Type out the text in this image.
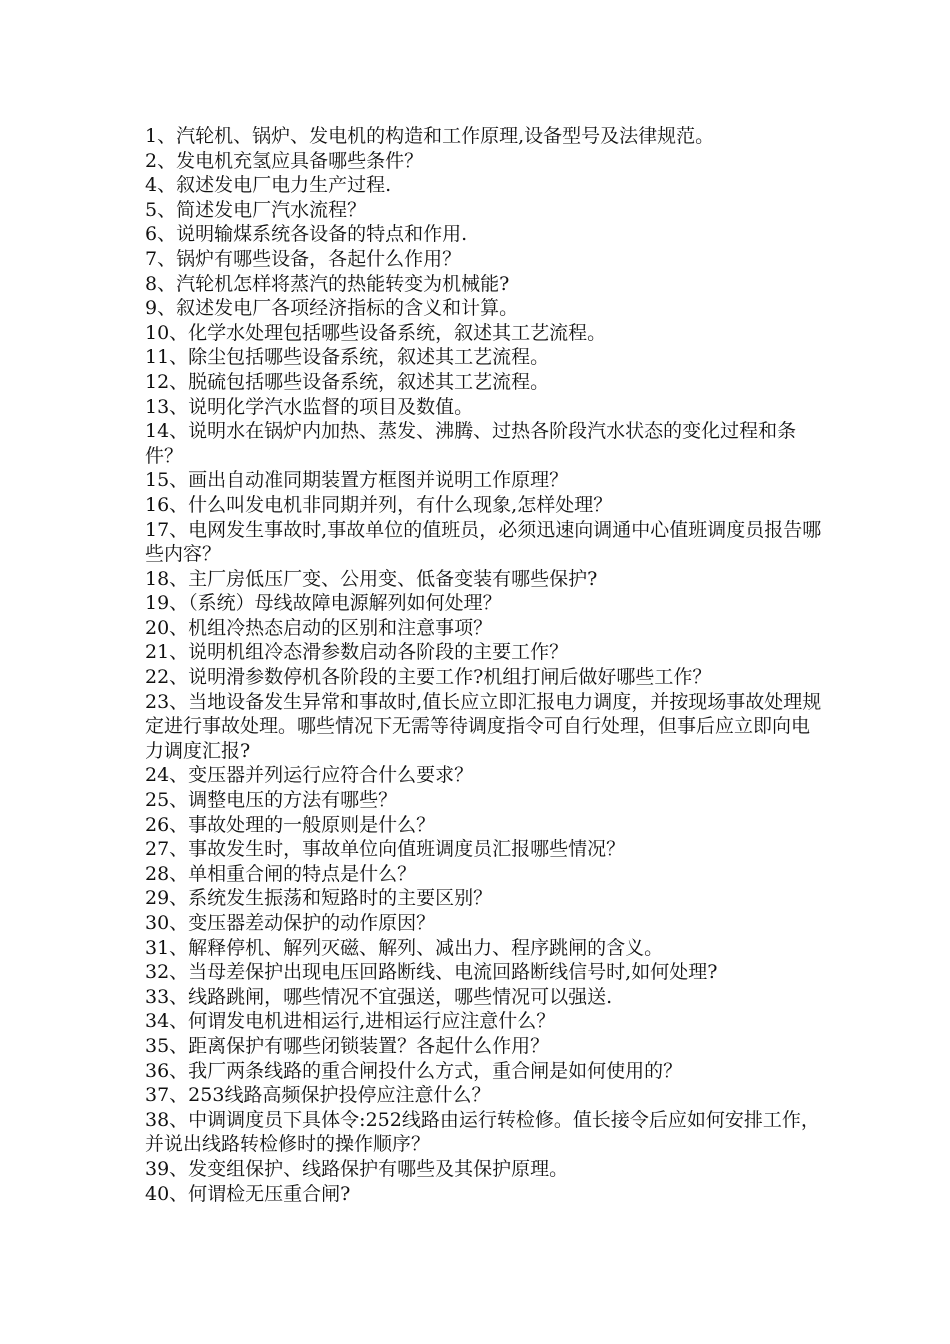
1、汽轮机、锅炉、发电机的构造和工作原理,设备型号及法律规范。

2、发电机充氢应具备哪些条件？

4、叙述发电厂电力生产过程.

5、简述发电厂汽水流程？

6、说明输煤系统各设备的特点和作用.

7、锅炉有哪些设备，各起什么作用？

8、汽轮机怎样将蒸汽的热能转变为机械能?

9、叙述发电厂各项经济指标的含义和计算。

10、化学水处理包括哪些设备系统，叙述其工艺流程。

11、除尘包括哪些设备系统，叙述其工艺流程。

12、脱硫包括哪些设备系统，叙述其工艺流程。

13、说明化学汽水监督的项目及数值。

14、说明水在锅炉内加热、蒸发、沸腾、过热各阶段汽水状态的变化过程和条件？

15、画出自动准同期装置方框图并说明工作原理？

16、什么叫发电机非同期并列，有什么现象,怎样处理？

17、电网发生事故时,事故单位的值班员，必须迅速向调通中心值班调度员报告哪些内容？

18、主厂房低压厂变、公用变、低备变装有哪些保护?

19、（系统）母线故障电源解列如何处理？

20、机组冷热态启动的区别和注意事项？

21、说明机组冷态滑参数启动各阶段的主要工作？

22、说明滑参数停机各阶段的主要工作?机组打闸后做好哪些工作？

23、当地设备发生异常和事故时,值长应立即汇报电力调度，并按现场事故处理规定进行事故处理。哪些情况下无需等待调度指令可自行处理，但事后应立即向电力调度汇报?

24、变压器并列运行应符合什么要求？

25、调整电压的方法有哪些？

26、事故处理的一般原则是什么？

27、事故发生时，事故单位向值班调度员汇报哪些情况？

28、单相重合闸的特点是什么？

29、系统发生振荡和短路时的主要区别？

30、变压器差动保护的动作原因？

31、解释停机、解列灭磁、解列、减出力、程序跳闸的含义。

32、当母差保护出现电压回路断线、电流回路断线信号时,如何处理?

33、线路跳闸，哪些情况不宜强送，哪些情况可以强送.

34、何谓发电机进相运行,进相运行应注意什么？

35、距离保护有哪些闭锁装置？各起什么作用？

36、我厂两条线路的重合闸投什么方式，重合闸是如何使用的？

37、253线路高频保护投停应注意什么？

38、中调调度员下具体令:252线路由运行转检修。值长接令后应如何安排工作，并说出线路转检修时的操作顺序？

39、发变组保护、线路保护有哪些及其保护原理。

40、何谓检无压重合闸?
